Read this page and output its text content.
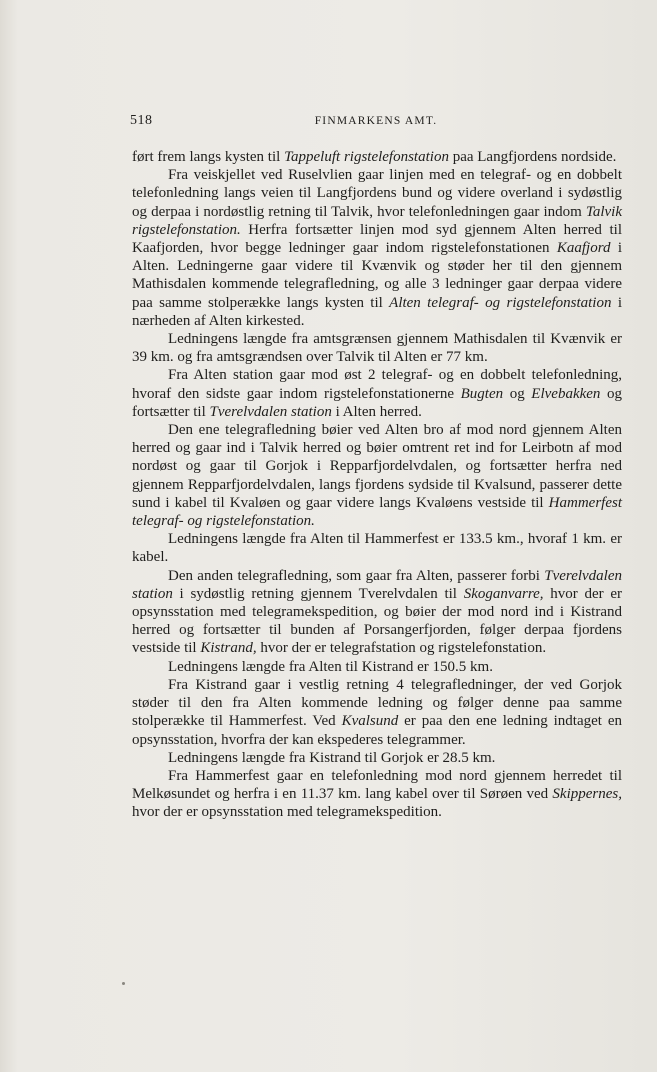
518	FINMARKENS AMT.

ført frem langs kysten til Tappeluft rigstelefonstation paa Langfjordens nordside.

Fra veiskjellet ved Ruselvlien gaar linjen med en telegraf- og en dobbelt telefonledning langs veien til Langfjordens bund og videre overland i sydøstlig og derpaa i nordøstlig retning til Talvik, hvor telefonledningen gaar indom Talvik rigstelefonstation. Herfra fortsætter linjen mod syd gjennem Alten herred til Kaafjorden, hvor begge ledninger gaar indom rigstelefonstationen Kaafjord i Alten. Ledningerne gaar videre til Kvænvik og støder her til den gjennem Mathisdalen kommende telegrafledning, og alle 3 ledninger gaar derpaa videre paa samme stolperække langs kysten til Alten telegraf- og rigstelefonstation i nærheden af Alten kirkested.

Ledningens længde fra amtsgrænsen gjennem Mathisdalen til Kvænvik er 39 km. og fra amtsgrændsen over Talvik til Alten er 77 km.

Fra Alten station gaar mod øst 2 telegraf- og en dobbelt telefonledning, hvoraf den sidste gaar indom rigstelefonstationerne Bugten og Elvebakken og fortsætter til Tverelvdalen station i Alten herred.

Den ene telegrafledning bøier ved Alten bro af mod nord gjennem Alten herred og gaar ind i Talvik herred og bøier omtrent ret ind for Leirbotn af mod nordøst og gaar til Gorjok i Repparfjordelvdalen, og fortsætter herfra ned gjennem Repparfjordelvdalen, langs fjordens sydside til Kvalsund, passerer dette sund i kabel til Kvaløen og gaar videre langs Kvaløens vestside til Hammerfest telegraf- og rigstelefonstation.

Ledningens længde fra Alten til Hammerfest er 133.5 km., hvoraf 1 km. er kabel.

Den anden telegrafledning, som gaar fra Alten, passerer forbi Tverelvdalen station i sydøstlig retning gjennem Tverelvdalen til Skoganvarre, hvor der er opsynsstation med telegramekspedition, og bøier der mod nord ind i Kistrand herred og fortsætter til bunden af Porsangerfjorden, følger derpaa fjordens vestside til Kistrand, hvor der er telegrafstation og rigstelefonstation.

Ledningens længde fra Alten til Kistrand er 150.5 km.

Fra Kistrand gaar i vestlig retning 4 telegrafledninger, der ved Gorjok støder til den fra Alten kommende ledning og følger denne paa samme stolperække til Hammerfest. Ved Kvalsund er paa den ene ledning indtaget en opsynsstation, hvorfra der kan ekspederes telegrammer.

Ledningens længde fra Kistrand til Gorjok er 28.5 km.

Fra Hammerfest gaar en telefonledning mod nord gjennem herredet til Melkøsundet og herfra i en 11.37 km. lang kabel over til Sørøen ved Skippernes, hvor der er opsynsstation med telegramekspedition.
